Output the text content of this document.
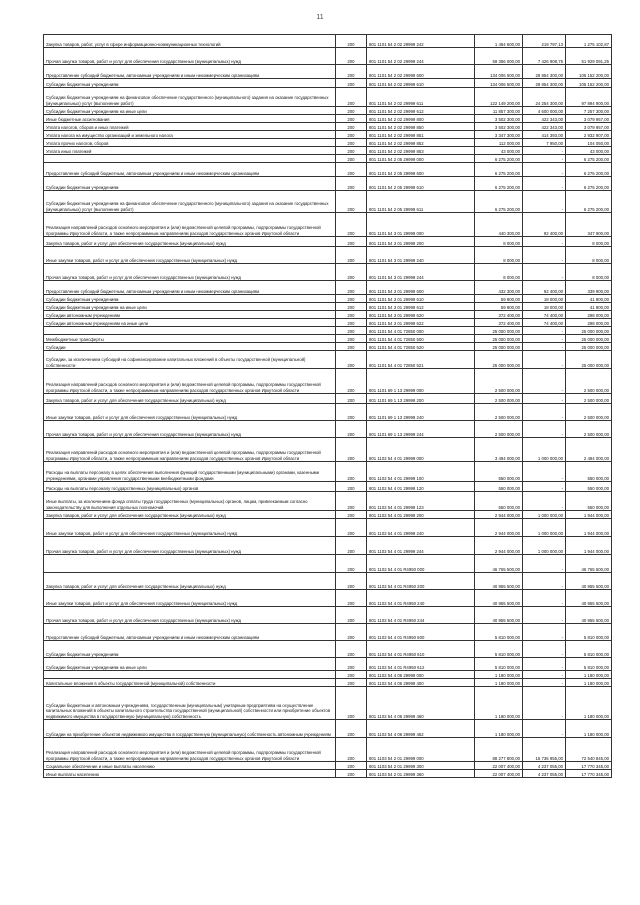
11
Закупка товаров, работ, услуг в сфере информационно-коммуникационных технологий	200	801 1101 54 2 02 29999 242	1 494 600,00	219 797,13	1 275 102,87
Прочая закупка товаров, работ и услуг для обеспечения государственных (муниципальных) нужд	200	801 1101 54 2 02 29999 244	59 356 000,00	7 426 908,75	51 929 091,25
Предоставление субсидий бюджетным, автономным учреждениям и иным некоммерческим организациям	200	801 1101 54 2 02 29999 600	134 006 500,00	28 854 300,00	105 152 200,00
Субсидии бюджетным учреждениям	200	801 1101 54 2 02 29999 610	134 006 500,00	28 854 300,00	105 152 200,00
Субсидии бюджетным учреждениям на финансовое обеспечение государственного (муниципального) задания на оказание государственных (муниципальных) услуг (выполнение работ)	200	801 1101 54 2 02 29999 611	122 149 200,00	24 254 300,00	97 894 900,00
Субсидии бюджетным учреждениям на иные цели	200	801 1101 54 2 02 29999 612	11 857 300,00	4 600 000,00	7 257 300,00
Иные бюджетные ассигнования	200	801 1101 54 2 02 29999 800	3 502 300,00	422 343,00	3 079 957,00
Уплата налогов, сборов и иных платежей	200	801 1101 54 2 02 29999 850	3 502 300,00	422 343,00	3 079 957,00
Уплата налога на имущество организаций и земельного налога	200	801 1101 54 2 02 29999 851	3 347 300,00	414 393,00	2 932 907,00
Уплата прочих налогов, сборов	200	801 1101 54 2 02 29999 852	112 000,00	7 950,00	104 050,00
Уплата иных платежей	200	801 1101 54 2 02 29999 853	43 000,00	-	43 000,00
	200	801 1101 54 2 05 29999 000	6 275 200,00	-	6 275 200,00
Предоставление субсидий бюджетным, автономным учреждениям и иным некоммерческим организациям	200	801 1101 54 2 05 29999 600	6 275 200,00	-	6 275 200,00
Субсидии бюджетным учреждениям	200	801 1101 54 2 05 29999 610	6 275 200,00	-	6 275 200,00
Субсидии бюджетным учреждениям на финансовое обеспечение государственного (муниципального) задания на оказание государственных (муниципальных) услуг (выполнение работ)	200	801 1101 54 2 05 29999 611	6 275 200,00	-	6 275 200,00
Реализация направлений расходов основного мероприятия и (или) ведомственной целевой программы, подпрограммы государственной программы Иркутской области, а также непрограммным направлениям расходов государственных органов Иркутской области	200	801 1101 54 3 01 29999 000	440 300,00	92 400,00	347 900,00
Закупка товаров, работ и услуг для обеспечения государственных (муниципальных) нужд	200	801 1101 54 3 01 29999 200	8 000,00	-	8 000,00
Иные закупки товаров, работ и услуг для обеспечения государственных (муниципальных) нужд	200	801 1101 54 3 01 29999 240	8 000,00	-	8 000,00
Прочая закупка товаров, работ и услуг для обеспечения государственных (муниципальных) нужд	200	801 1101 54 3 01 29999 244	8 000,00	-	8 000,00
Предоставление субсидий бюджетным, автономным учреждениям и иным некоммерческим организациям	200	801 1101 54 3 01 29999 600	432 300,00	92 400,00	339 900,00
Субсидии бюджетным учреждениям	200	801 1101 54 3 01 29999 610	59 800,00	18 000,00	41 800,00
Субсидии бюджетным учреждениям на иные цели	200	801 1101 54 3 01 29999 612	59 800,00	18 000,00	41 800,00
Субсидии автономным учреждениям	200	801 1101 54 3 01 29999 620	372 400,00	74 400,00	298 000,00
Субсидии автономным учреждениям на иные цели	200	801 1101 54 3 01 29999 622	372 400,00	74 400,00	298 000,00
	200	801 1101 54 4 01 72850 000	25 000 000,00	-	25 000 000,00
Межбюджетные трансферты	200	801 1101 54 4 01 72850 500	25 000 000,00	-	25 000 000,00
Субсидии	200	801 1101 54 4 01 72850 520	25 000 000,00	-	25 000 000,00
Субсидии, за исключением субсидий на софинансирование капитальных вложений в объекты государственной (муниципальной) собственности	200	801 1101 54 4 01 72850 521	25 000 000,00	-	25 000 000,00
Реализация направлений расходов основного мероприятия и (или) ведомственной целевой программы, подпрограммы государственной программы Иркутской области, а также непрограммным направлениям расходов государственных органов Иркутской области	200	801 1101 69 1 13 29999 000	2 500 000,00	-	2 500 000,00
Закупка товаров, работ и услуг для обеспечения государственных (муниципальных) нужд	200	801 1101 69 1 13 29999 200	2 500 000,00	-	2 500 000,00
Иные закупки товаров, работ и услуг для обеспечения государственных (муниципальных) нужд	200	801 1101 69 1 13 29999 240	2 500 000,00	-	2 500 000,00
Прочая закупка товаров, работ и услуг для обеспечения государственных (муниципальных) нужд	200	801 1101 69 1 13 29999 244	2 500 000,00	-	2 500 000,00
Реализация направлений расходов основного мероприятия и (или) ведомственной целевой программы, подпрограммы государственной программы Иркутской области, а также непрограммным направлениям расходов государственных органов Иркутской области	200	801 1102 54 4 01 29999 000	3 494 000,00	1 000 000,00	2 494 000,00
Расходы на выплаты персоналу в целях обеспечения выполнения функций государственными (муниципальными) органами, казенными учреждениями, органами управления государственными внебюджетными фондами	200	801 1102 54 4 01 29999 100	550 000,00	-	550 000,00
Расходы на выплаты персоналу государственных (муниципальных) органов	200	801 1102 54 4 01 29999 120	550 000,00	-	550 000,00
Иные выплаты, за исключением фонда оплаты труда государственных (муниципальных) органов, лицам, привлекаемым согласно законодательству для выполнения отдельных полномочий	200	801 1102 54 4 01 29999 123	550 000,00	-	550 000,00
Закупка товаров, работ и услуг для обеспечения государственных (муниципальных) нужд	200	801 1102 54 4 01 29999 200	2 944 000,00	1 000 000,00	1 944 000,00
Иные закупки товаров, работ и услуг для обеспечения государственных (муниципальных) нужд	200	801 1102 54 4 01 29999 240	2 944 000,00	1 000 000,00	1 944 000,00
Прочая закупка товаров, работ и услуг для обеспечения государственных (муниципальных) нужд	200	801 1102 54 4 01 29999 244	2 944 000,00	1 000 000,00	1 944 000,00
	200	801 1102 54 4 01 R4950 000	46 765 500,00	-	46 765 500,00
Закупка товаров, работ и услуг для обеспечения государственных (муниципальных) нужд	200	801 1102 54 4 01 R4950 200	40 955 500,00	-	40 955 500,00
Иные закупки товаров, работ и услуг для обеспечения государственных (муниципальных) нужд	200	801 1102 54 4 01 R4950 240	40 955 500,00	-	40 955 500,00
Прочая закупка товаров, работ и услуг для обеспечения государственных (муниципальных) нужд	200	801 1102 54 4 01 R4950 244	40 955 500,00	-	40 955 500,00
Предоставление субсидий бюджетным, автономным учреждениям и иным некоммерческим организациям	200	801 1102 54 4 01 R4950 600	5 810 000,00	-	5 810 000,00
Субсидии бюджетным учреждениям	200	801 1102 54 4 01 R4950 610	5 810 000,00	-	5 810 000,00
Субсидии бюджетным учреждениям на иные цели	200	801 1102 54 4 01 R4950 612	5 810 000,00	-	5 810 000,00
	200	801 1102 54 4 06 29999 000	1 180 000,00	-	1 180 000,00
Капитальные вложения в объекты государственной (муниципальной) собственности	200	801 1102 54 4 06 29999 400	1 180 000,00	-	1 180 000,00
Субсидии бюджетным и автономным учреждениям, государственным (муниципальным) унитарным предприятиям на осуществление капитальных вложений в объекты капитального строительства государственной (муниципальной) собственности или приобретение объектов недвижимого имущества в государственную (муниципальную) собственность	200	801 1102 54 4 06 29999 460	1 180 000,00	-	1 180 000,00
Субсидии на приобретение объектов недвижимого имущества в государственную (муниципальную) собственность автономным учреждениям	200	801 1102 54 4 06 29999 462	1 180 000,00	-	1 180 000,00
Реализация направлений расходов основного мероприятия и (или) ведомственной целевой программы, подпрограммы государственной программы Иркутской области, а также непрограммным направлениям расходов государственных органов Иркутской области	200	801 1103 54 2 01 29999 000	88 277 800,00	15 736 955,00	72 540 845,00
Социальное обеспечение и иные выплаты населению	200	801 1103 54 2 01 29999 300	22 007 400,00	4 237 055,00	17 770 345,00
Иные выплаты населению	200	801 1103 54 2 01 29999 360	22 007 400,00	4 237 055,00	17 770 345,00
